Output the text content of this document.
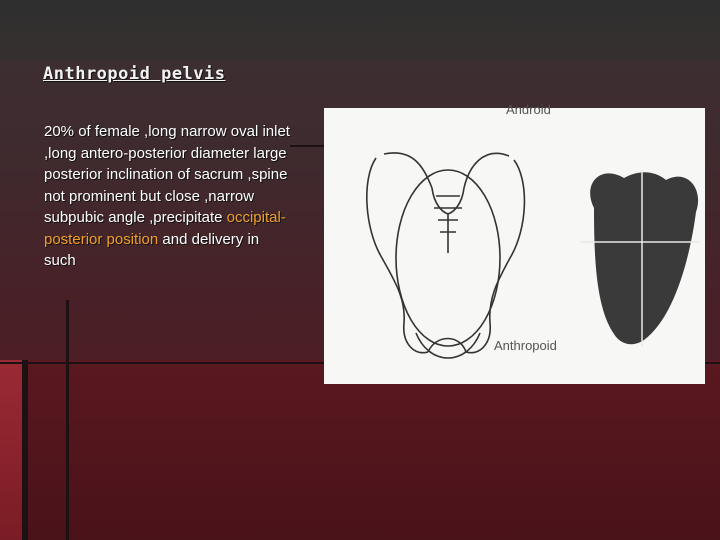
Anthropoid pelvis
20% of female ,long narrow oval inlet ,long antero-posterior diameter large posterior inclination of sacrum ,spine not prominent but close ,narrow subpubic angle ,precipitate occipital-posterior position and delivery in such
Android
Anthropoid
